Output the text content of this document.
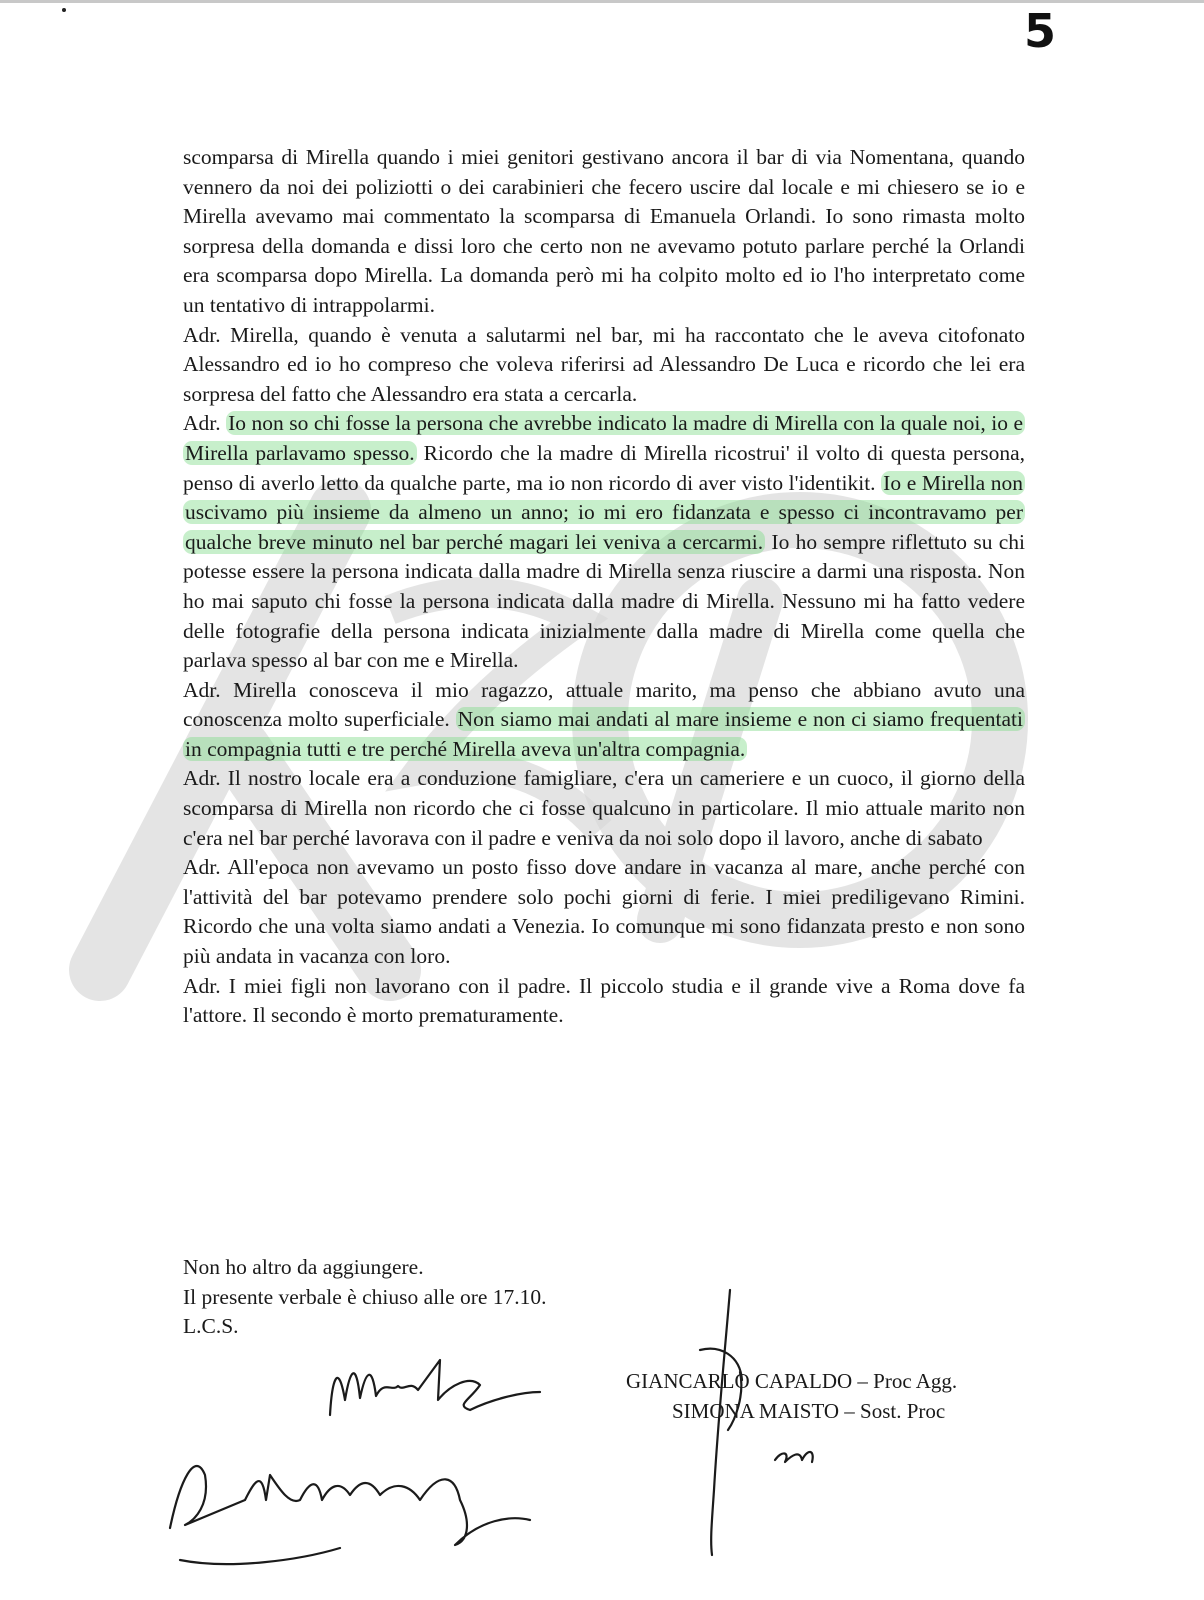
5

scomparsa di Mirella quando i miei genitori gestivano ancora il bar di via Nomentana, quando vennero da noi dei poliziotti o dei carabinieri che fecero uscire dal locale e mi chiesero se io e Mirella avevamo mai commentato la scomparsa di Emanuela Orlandi. Io sono rimasta molto sorpresa della domanda e dissi loro che certo non ne avevamo potuto parlare perché la Orlandi era scomparsa dopo Mirella. La domanda però mi ha colpito molto ed io l'ho interpretato come un tentativo di intrappolarmi.

Adr. Mirella, quando è venuta a salutarmi nel bar, mi ha raccontato che le aveva citofonato Alessandro ed io ho compreso che voleva riferirsi ad Alessandro De Luca e ricordo che lei era sorpresa del fatto che Alessandro era stata a cercarla.

Adr. Io non so chi fosse la persona che avrebbe indicato la madre di Mirella con la quale noi, io e Mirella parlavamo spesso. Ricordo che la madre di Mirella ricostrui' il volto di questa persona, penso di averlo letto da qualche parte, ma io non ricordo di aver visto l'identikit. Io e Mirella non uscivamo più insieme da almeno un anno; io mi ero fidanzata e spesso ci incontravamo per qualche breve minuto nel bar perché magari lei veniva a cercarmi. Io ho sempre riflettuto su chi potesse essere la persona indicata dalla madre di Mirella senza riuscire a darmi una risposta. Non ho mai saputo chi fosse la persona indicata dalla madre di Mirella. Nessuno mi ha fatto vedere delle fotografie della persona indicata inizialmente dalla madre di Mirella come quella che parlava spesso al bar con me e Mirella.

Adr. Mirella conosceva il mio ragazzo, attuale marito, ma penso che abbiano avuto una conoscenza molto superficiale. Non siamo mai andati al mare insieme e non ci siamo frequentati in compagnia tutti e tre perché Mirella aveva un'altra compagnia.

Adr. Il nostro locale era a conduzione famigliare, c'era un cameriere e un cuoco, il giorno della scomparsa di Mirella non ricordo che ci fosse qualcuno in particolare. Il mio attuale marito non c'era nel bar perché lavorava con il padre e veniva da noi solo dopo il lavoro, anche di sabato

Adr. All'epoca non avevamo un posto fisso dove andare in vacanza al mare, anche perché con l'attività del bar potevamo prendere solo pochi giorni di ferie. I miei prediligevano Rimini. Ricordo che una volta siamo andati a Venezia. Io comunque mi sono fidanzata presto e non sono più andata in vacanza con loro.

Adr. I miei figli non lavorano con il padre. Il piccolo studia e il grande vive a Roma dove fa l'attore. Il secondo è morto prematuramente.

Non ho altro da aggiungere.
Il presente verbale è chiuso alle ore 17.10.
L.C.S.
GIANCARLO CAPALDO – Proc Agg.
SIMONA MAISTO – Sost. Proc
